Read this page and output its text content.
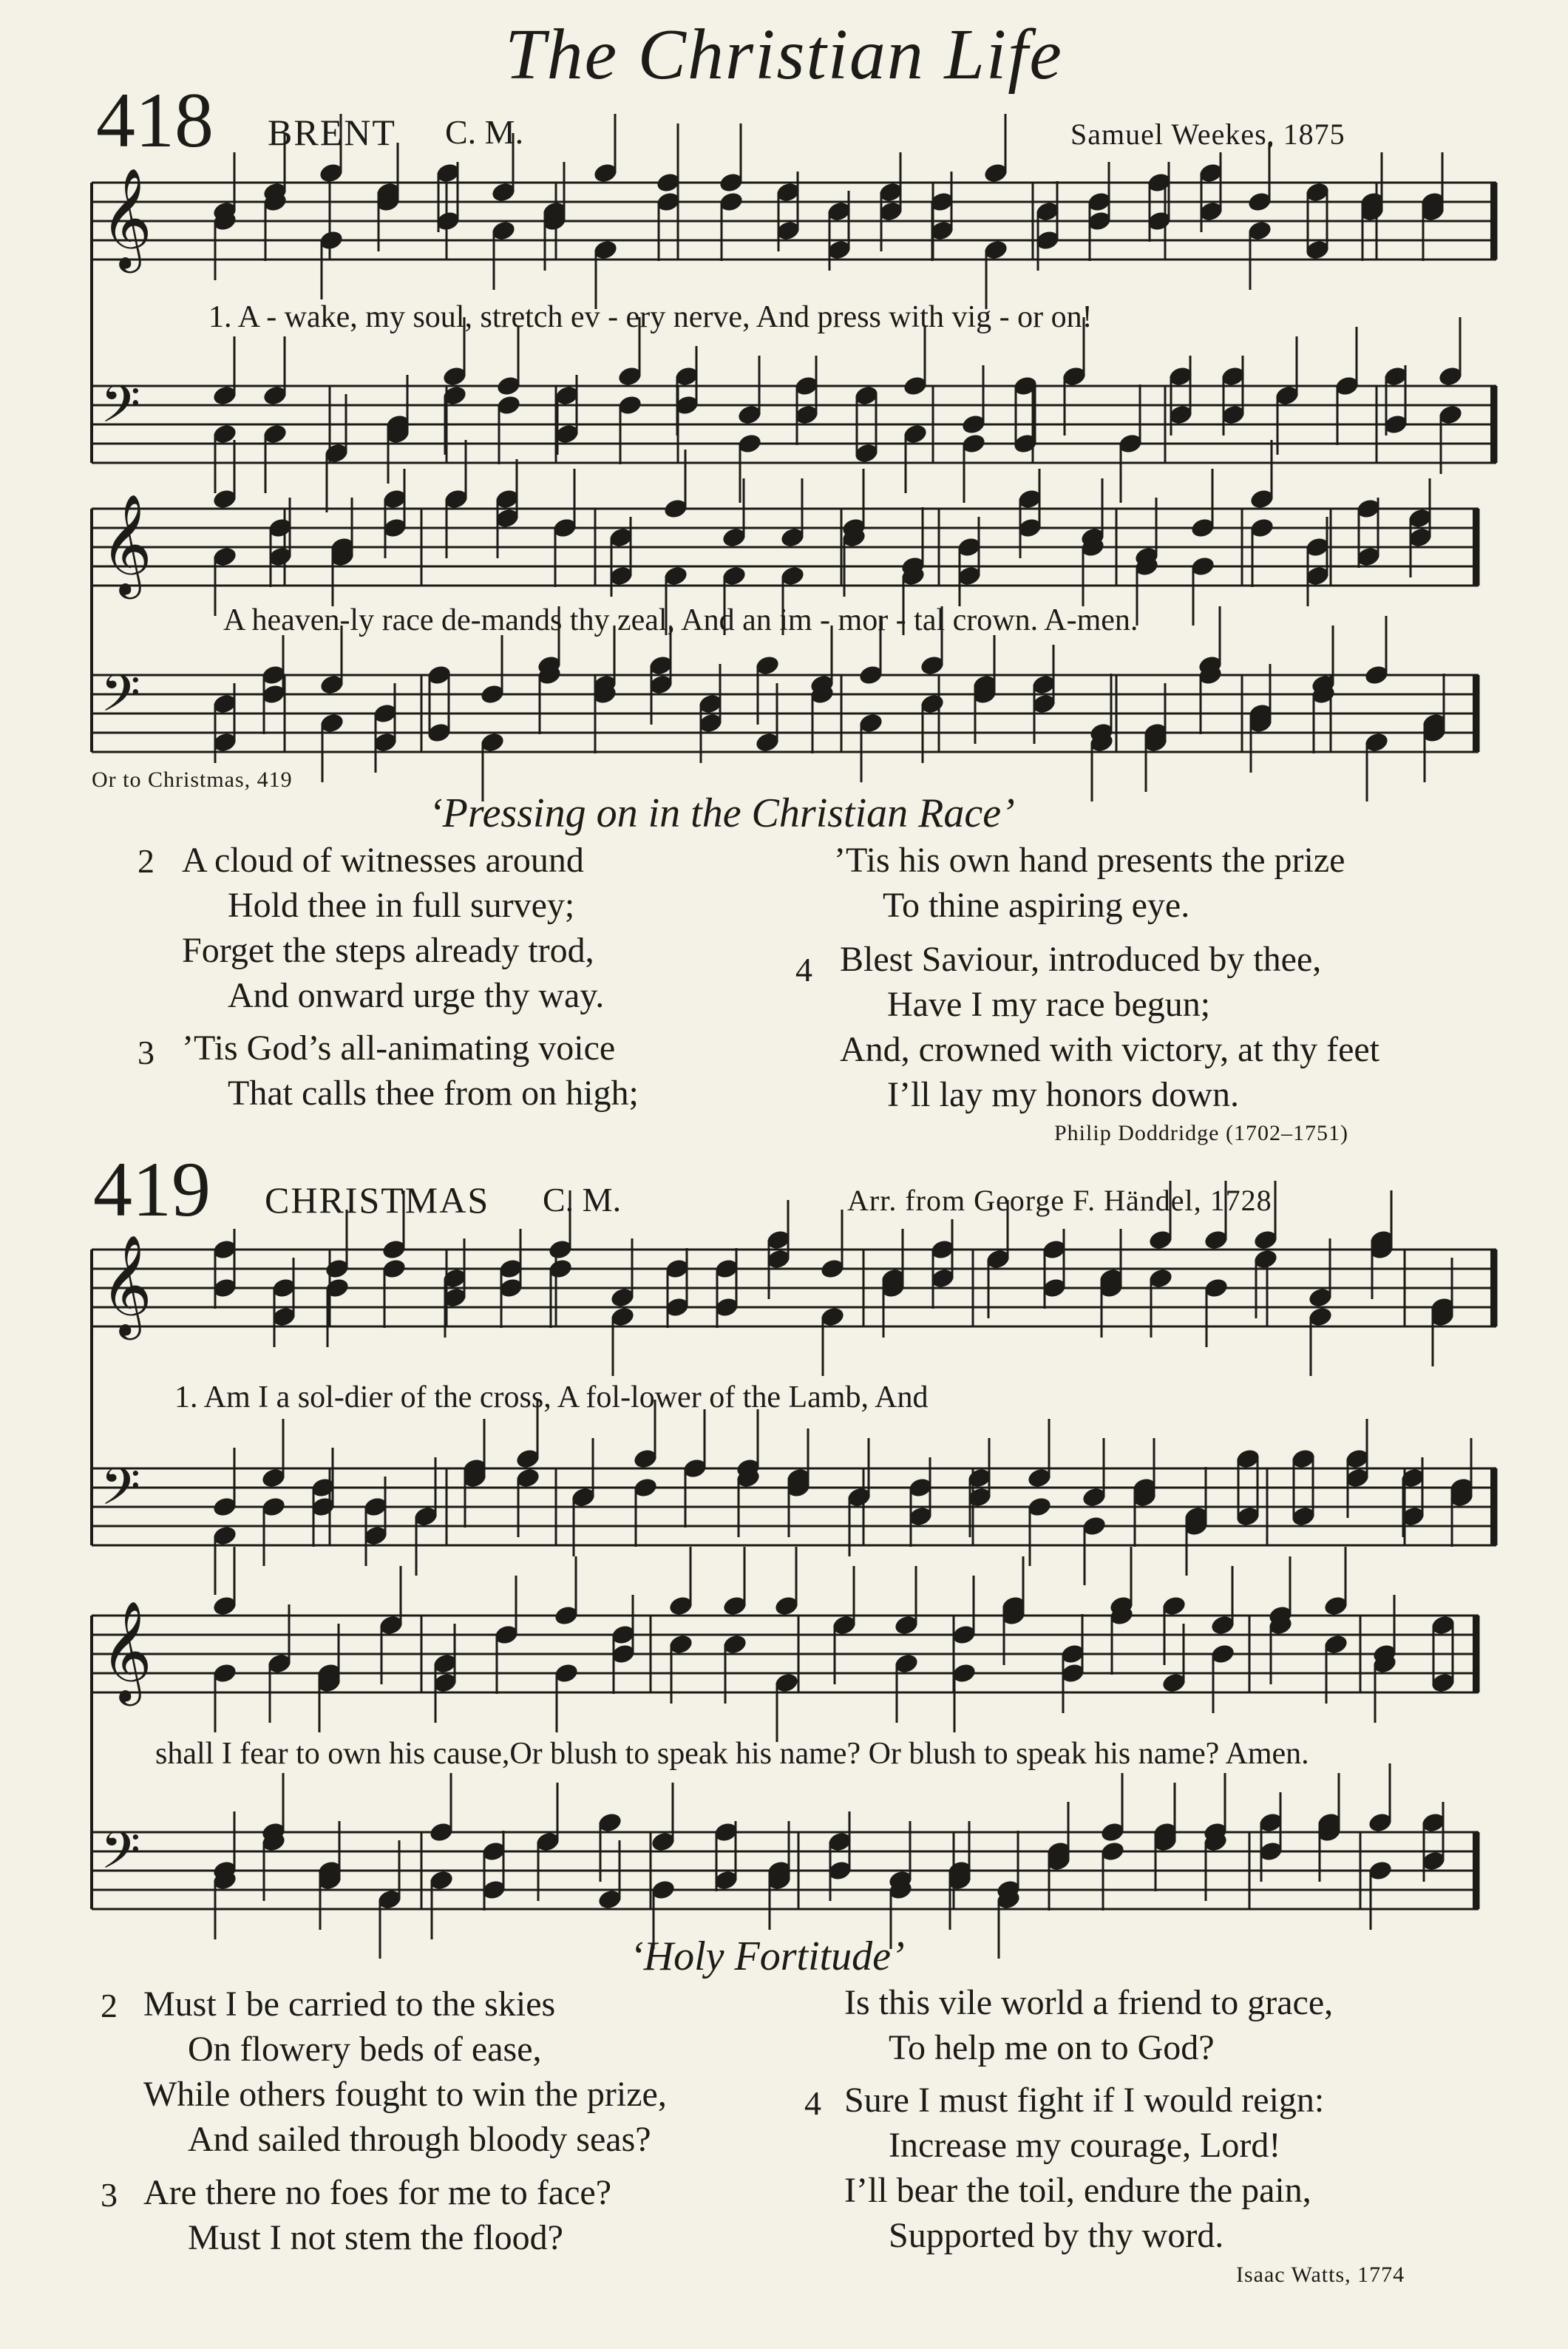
The Christian Life
418 BRENT C. M.	Samuel Weekes, 1875
𝄞
𝄢
𝄞
𝄢
𝄞
𝄢
𝄞
𝄢
1. A - wake, my soul, stretch ev - ery nerve, And press with vig - or on!
A heaven-ly race de-mands thy zeal, And an im - mor - tal crown. A-men.
Or to Christmas, 419
‘Pressing on in the Christian Race’
2 A cloud of witnesses around
Hold thee in full survey;
Forget the steps already trod,
And onward urge thy way.
3 ’Tis God’s all-animating voice
That calls thee from on high;
’Tis his own hand presents the prize
To thine aspiring eye.
4 Blest Saviour, introduced by thee,
Have I my race begun;
And, crowned with victory, at thy feet
I’ll lay my honors down.
Philip Doddridge (1702–1751)
419 CHRISTMAS C. M.	Arr. from George F. Händel, 1728
1. Am I a sol-dier of the cross, A fol-lower of the Lamb, And
shall I fear to own his cause,Or blush to speak his name? Or blush to speak his name? Amen.
‘Holy Fortitude’
2 Must I be carried to the skies
On flowery beds of ease,
While others fought to win the prize,
And sailed through bloody seas?
3 Are there no foes for me to face?
Must I not stem the flood?
Is this vile world a friend to grace,
To help me on to God?
4 Sure I must fight if I would reign:
Increase my courage, Lord!
I’ll bear the toil, endure the pain,
Supported by thy word.
Isaac Watts, 1774
